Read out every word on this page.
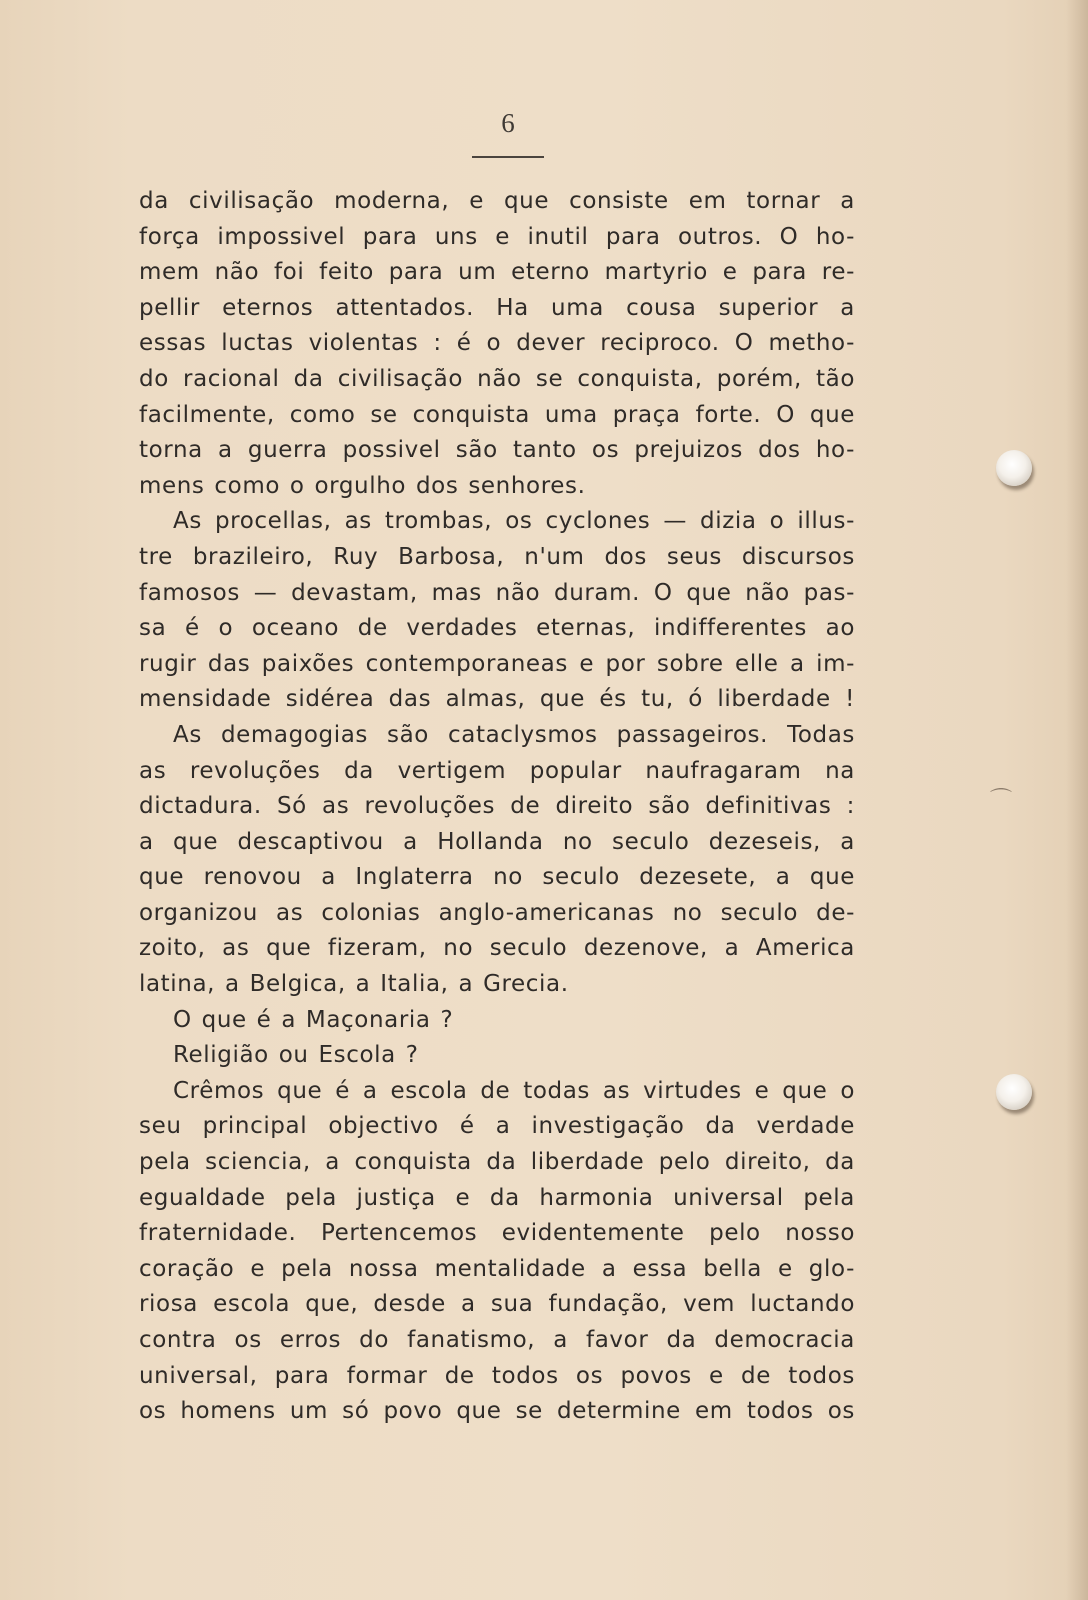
6
da civilisação moderna, e que consiste em tornar a
força impossivel para uns e inutil para outros. O ho-
mem não foi feito para um eterno martyrio e para re-
pellir eternos attentados. Ha uma cousa superior a
essas luctas violentas : é o dever reciproco. O metho-
do racional da civilisação não se conquista, porém, tão
facilmente, como se conquista uma praça forte. O que
torna a guerra possivel são tanto os prejuizos dos ho-
mens como o orgulho dos senhores.
As procellas, as trombas, os cyclones — dizia o illus-
tre brazileiro, Ruy Barbosa, n'um dos seus discursos
famosos — devastam, mas não duram. O que não pas-
sa é o oceano de verdades eternas, indifferentes ao
rugir das paixões contemporaneas e por sobre elle a im-
mensidade sidérea das almas, que és tu, ó liberdade !
As demagogias são cataclysmos passageiros. Todas
as revoluções da vertigem popular naufragaram na
dictadura. Só as revoluções de direito são definitivas :
a que descaptivou a Hollanda no seculo dezeseis, a
que renovou a Inglaterra no seculo dezesete, a que
organizou as colonias anglo-americanas no seculo de-
zoito, as que fizeram, no seculo dezenove, a America
latina, a Belgica, a Italia, a Grecia.
O que é a Maçonaria ?
Religião ou Escola ?
Crêmos que é a escola de todas as virtudes e que o
seu principal objectivo é a investigação da verdade
pela sciencia, a conquista da liberdade pelo direito, da
egualdade pela justiça e da harmonia universal pela
fraternidade. Pertencemos evidentemente pelo nosso
coração e pela nossa mentalidade a essa bella e glo-
riosa escola que, desde a sua fundação, vem luctando
contra os erros do fanatismo, a favor da democracia
universal, para formar de todos os povos e de todos
os homens um só povo que se determine em todos os
⌒
